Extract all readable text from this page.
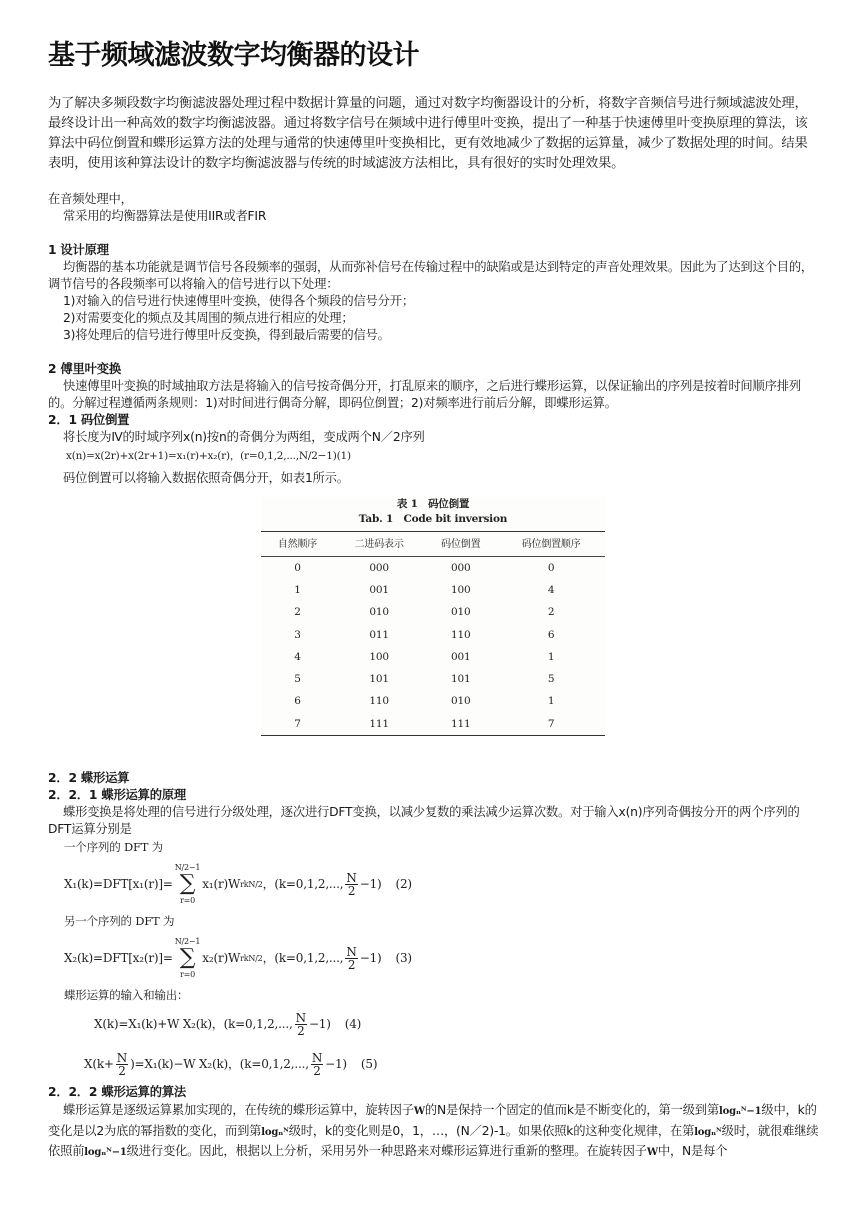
基于频域滤波数字均衡器的设计

为了解决多频段数字均衡滤波器处理过程中数据计算量的问题，通过对数字均衡器设计的分析，将数字音频信号进行频域滤波处理，最终设计出一种高效的数字均衡滤波器。通过将数字信号在频域中进行傅里叶变换，提出了一种基于快速傅里叶变换原理的算法，该算法中码位倒置和蝶形运算方法的处理与通常的快速傅里叶变换相比，更有效地减少了数据的运算量，减少了数据处理的时间。结果表明，使用该种算法设计的数字均衡滤波器与传统的时域滤波方法相比，具有很好的实时处理效果。

在音频处理中，

常采用的均衡器算法是使用IIR或者FIR

1 设计原理

均衡器的基本功能就是调节信号各段频率的强弱，从而弥补信号在传输过程中的缺陷或是达到特定的声音处理效果。因此为了达到这个目的，调节信号的各段频率可以将输入的信号进行以下处理：

1)对输入的信号进行快速傅里叶变换，使得各个频段的信号分开；

2)对需要变化的频点及其周围的频点进行相应的处理；

3)将处理后的信号进行傅里叶反变换，得到最后需要的信号。

2 傅里叶变换

快速傅里叶变换的时域抽取方法是将输入的信号按奇偶分开，打乱原来的顺序，之后进行蝶形运算，以保证输出的序列是按着时间顺序排列的。分解过程遵循两条规则：1)对时间进行偶奇分解，即码位倒置；2)对频率进行前后分解，即蝶形运算。

2．1 码位倒置

将长度为Ⅳ的时域序列x(n)按n的奇偶分为两组，变成两个N／2序列

x(n)=x(2r)+x(2r+1)=x₁(r)+x₂(r)，(r=0,1,2,...,N/2−1)(1)

码位倒置可以将输入数据依照奇偶分开，如表1所示。

表 1　码位倒置
Tab. 1　Code bit inversion
自然顺序	二进码表示	码位倒置	码位倒置顺序
0	000	000	0
1	001	100	4
2	010	010	2
3	011	110	6
4	100	001	1
5	101	101	5
6	110	010	1
7	111	111	7

2．2 蝶形运算

2．2．1 蝶形运算的原理

蝶形变换是将处理的信号进行分级处理，逐次进行DFT变换，以减少复数的乘法减少运算次数。对于输入x(n)序列奇偶按分开的两个序列的DFT运算分别是

一个序列的 DFT 为
X₁(k)=DFT[x₁(r)]=
N/2−1
∑
r=0
x₁(r)W rk N/2 ，(k=0,1,2,..., $\frac{N}{2} -1$) (2)
另一个序列的 DFT 为
X₂(k)=DFT[x₂(r)]=
N/2−1
∑
r=0
x₂(r)W rk N/2 ，(k=0,1,2,..., $\frac{N}{2} -1$) (3)
蝶形运算的输入和输出：
X(k)=X₁(k)+W X₂(k)，(k=0,1,2,..., $\frac{N}{2} -1$) (4)
$X(k+ \frac{N}{2} )=X_1(k)-W$ X₂(k)，(k=0,1,2,..., $\frac{N}{2} -1$) (5)

2．2．2 蝶形运算的算法

蝶形运算是逐级运算累加实现的，在传统的蝶形运算中，旋转因子W的N是保持一个固定的值而k是不断变化的，第一级到第logₙᴺ−1级中，k的变化是以2为底的幂指数的变化，而到第logₙᴺ级时，k的变化则是0，1，…，(N／2)-1。如果依照k的这种变化规律，在第logₙᴺ级时，就很难继续依照前logₙᴺ−1级进行变化。因此，根据以上分析，采用另外一种思路来对蝶形运算进行重新的整理。在旋转因子W中，N是每个
